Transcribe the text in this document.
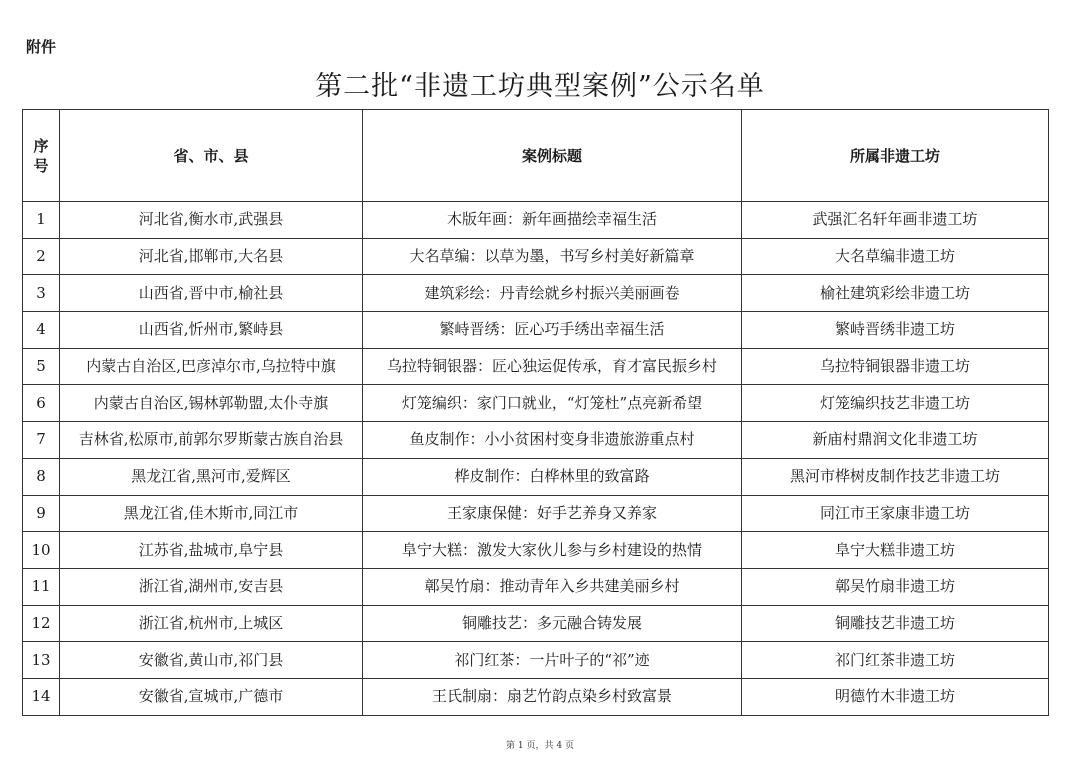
附件
第二批“非遗工坊典型案例”公示名单
序号	省、市、县	案例标题	所属非遗工坊
1	河北省,衡水市,武强县	木版年画：新年画描绘幸福生活	武强汇名轩年画非遗工坊
2	河北省,邯郸市,大名县	大名草编：以草为墨，书写乡村美好新篇章	大名草编非遗工坊
3	山西省,晋中市,榆社县	建筑彩绘：丹青绘就乡村振兴美丽画卷	榆社建筑彩绘非遗工坊
4	山西省,忻州市,繁峙县	繁峙晋绣：匠心巧手绣出幸福生活	繁峙晋绣非遗工坊
5	内蒙古自治区,巴彦淖尔市,乌拉特中旗	乌拉特铜银器：匠心独运促传承，育才富民振乡村	乌拉特铜银器非遗工坊
6	内蒙古自治区,锡林郭勒盟,太仆寺旗	灯笼编织：家门口就业，“灯笼杜”点亮新希望	灯笼编织技艺非遗工坊
7	吉林省,松原市,前郭尔罗斯蒙古族自治县	鱼皮制作：小小贫困村变身非遗旅游重点村	新庙村鼎润文化非遗工坊
8	黑龙江省,黑河市,爱辉区	桦皮制作：白桦林里的致富路	黑河市桦树皮制作技艺非遗工坊
9	黑龙江省,佳木斯市,同江市	王家康保健：好手艺养身又养家	同江市王家康非遗工坊
10	江苏省,盐城市,阜宁县	阜宁大糕：激发大家伙儿参与乡村建设的热情	阜宁大糕非遗工坊
11	浙江省,湖州市,安吉县	鄣吴竹扇：推动青年入乡共建美丽乡村	鄣吴竹扇非遗工坊
12	浙江省,杭州市,上城区	铜雕技艺：多元融合铸发展	铜雕技艺非遗工坊
13	安徽省,黄山市,祁门县	祁门红茶：一片叶子的“祁”迹	祁门红茶非遗工坊
14	安徽省,宣城市,广德市	王氏制扇：扇艺竹韵点染乡村致富景	明德竹木非遗工坊
第 1 页，共 4 页
